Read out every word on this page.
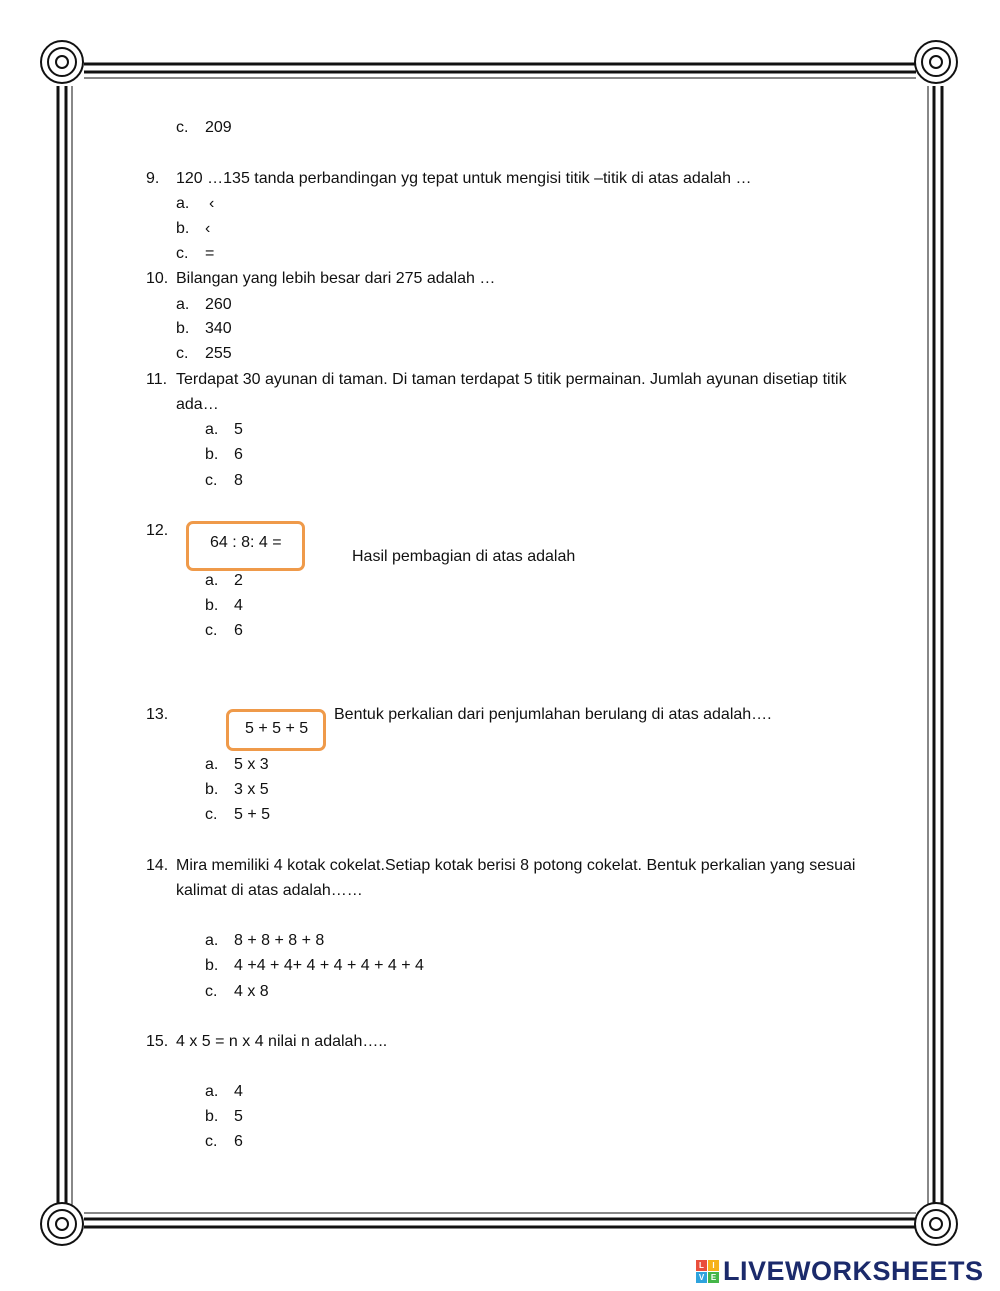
c. 209
9. 120 …135 tanda perbandingan yg tepat untuk mengisi titik –titik di atas adalah …
a. ‹
b. ‹
c. =
10. Bilangan yang lebih besar dari 275 adalah …
a. 260
b. 340
c. 255
11. Terdapat 30 ayunan di taman. Di taman terdapat 5 titik permainan. Jumlah ayunan disetiap titik
ada…
a. 5
b. 6
c. 8
12.
64 : 8: 4 =
Hasil pembagian di atas adalah
a. 2
b. 4
c. 6
13.
5 + 5 + 5
Bentuk perkalian dari penjumlahan berulang di atas adalah….
a. 5 x 3
b. 3 x 5
c. 5 + 5
14. Mira memiliki 4 kotak cokelat.Setiap kotak berisi 8 potong cokelat. Bentuk perkalian yang sesuai
kalimat di atas adalah……
a. 8 + 8 + 8 + 8
b. 4 +4 + 4+ 4 + 4 + 4 + 4 + 4
c. 4 x 8
15. 4 x 5 = n x 4 nilai n adalah…..
a. 4
b. 5
c. 6
L	I
V E LIVEWORKSHEETS
